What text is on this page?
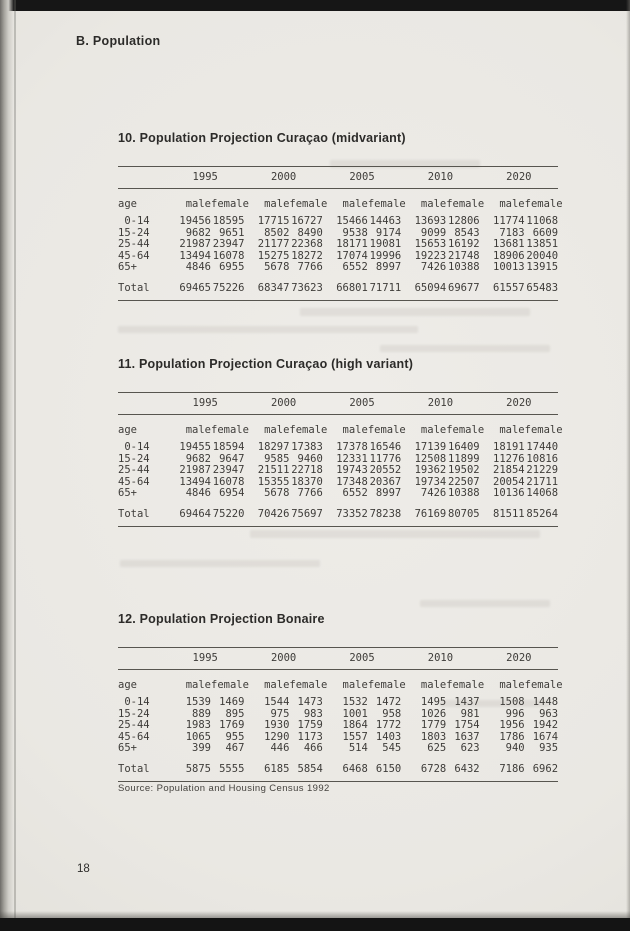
B. Population
10. Population Projection Curaçao (midvariant)
	1995		2000		2005		2010		2020	
age	male	female	male	female	male	female	male	female	male	female
0-14	19456	18595	17715	16727	15466	14463	13693	12806	11774	11068
15-24	9682	9651	8502	8490	9538	9174	9099	8543	7183	6609
25-44	21987	23947	21177	22368	18171	19081	15653	16192	13681	13851
45-64	13494	16078	15275	18272	17074	19996	19223	21748	18906	20040
65+	4846	6955	5678	7766	6552	8997	7426	10388	10013	13915
Total	69465	75226	68347	73623	66801	71711	65094	69677	61557	65483
11. Population Projection Curaçao (high variant)
	1995		2000		2005		2010		2020	
age	male	female	male	female	male	female	male	female	male	female
0-14	19455	18594	18297	17383	17378	16546	17139	16409	18191	17440
15-24	9682	9647	9585	9460	12331	11776	12508	11899	11276	10816
25-44	21987	23947	21511	22718	19743	20552	19362	19502	21854	21229
45-64	13494	16078	15355	18370	17348	20367	19734	22507	20054	21711
65+	4846	6954	5678	7766	6552	8997	7426	10388	10136	14068
Total	69464	75220	70426	75697	73352	78238	76169	80705	81511	85264
12. Population Projection Bonaire
	1995		2000		2005		2010		2020	
age	male	female	male	female	male	female	male	female	male	female
0-14	1539	1469	1544	1473	1532	1472	1495	1437	1508	1448
15-24	889	895	975	983	1001	958	1026	981	996	963
25-44	1983	1769	1930	1759	1864	1772	1779	1754	1956	1942
45-64	1065	955	1290	1173	1557	1403	1803	1637	1786	1674
65+	399	467	446	466	514	545	625	623	940	935
Total	5875	5555	6185	5854	6468	6150	6728	6432	7186	6962
Source: Population and Housing Census 1992
18
